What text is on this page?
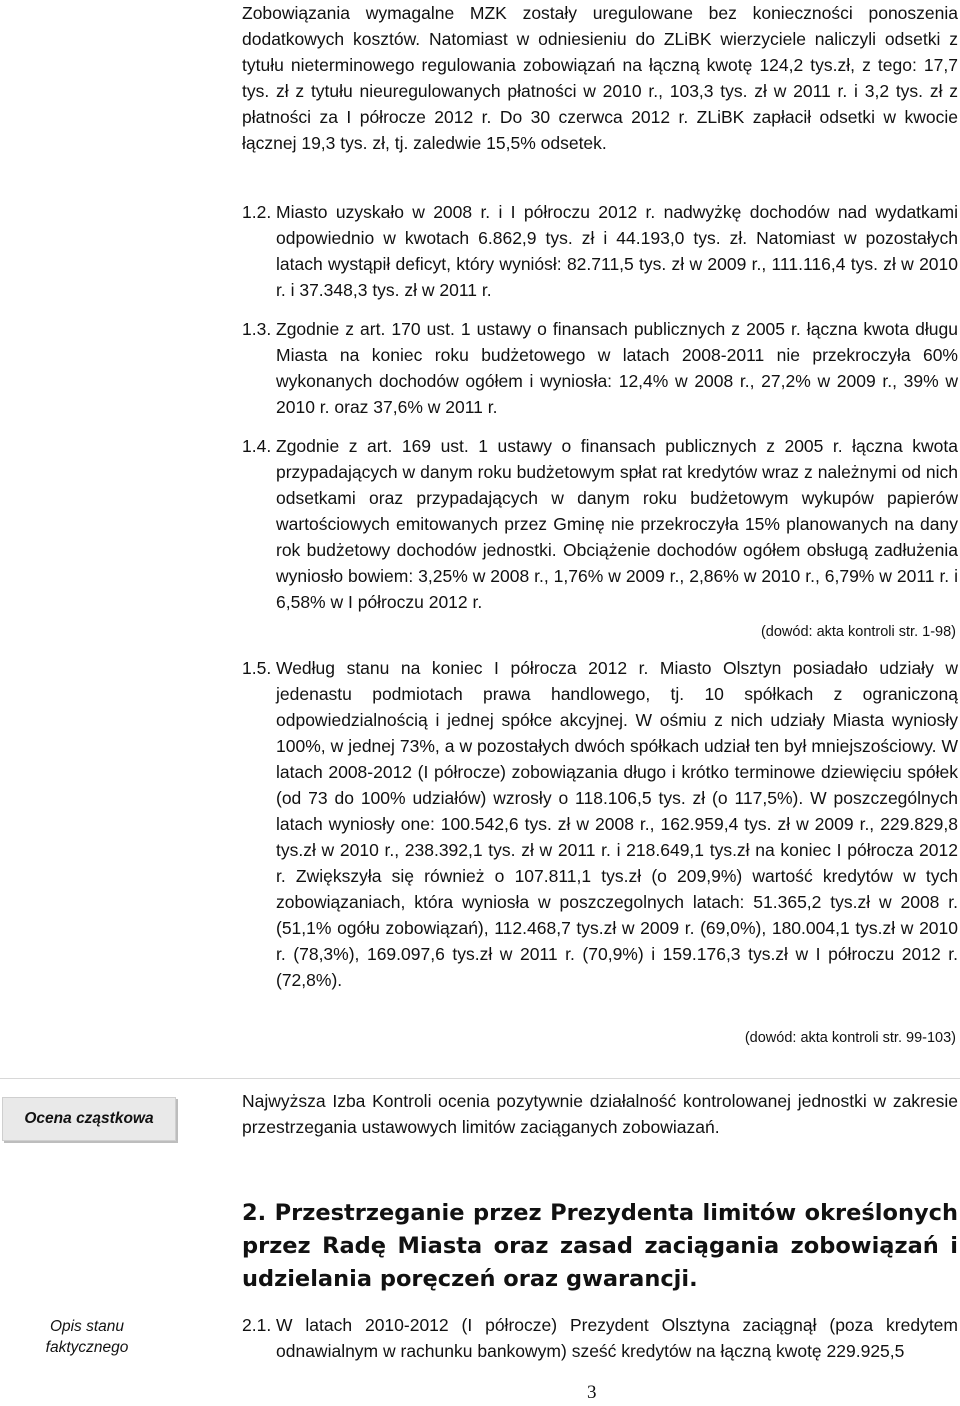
Zobowiązania wymagalne MZK zostały uregulowane bez konieczności ponoszenia dodatkowych kosztów. Natomiast w odniesieniu do ZLiBK wierzyciele naliczyli odsetki z tytułu nieterminowego regulowania zobowiązań na łączną kwotę 124,2 tys.zł, z tego: 17,7 tys. zł z tytułu nieuregulowanych płatności w 2010 r., 103,3 tys. zł w 2011 r. i 3,2 tys. zł z płatności za I półrocze 2012 r. Do 30 czerwca 2012 r. ZLiBK zapłacił odsetki w kwocie łącznej 19,3 tys. zł, tj. zaledwie 15,5% odsetek.

1.2. Miasto uzyskało w 2008 r. i I półroczu 2012 r. nadwyżkę dochodów nad wydatkami odpowiednio w kwotach 6.862,9 tys. zł i 44.193,0 tys. zł. Natomiast w pozostałych latach wystąpił deficyt, który wyniósł: 82.711,5 tys. zł w 2009 r., 111.116,4 tys. zł w 2010 r. i 37.348,3 tys. zł w 2011 r.
1.3. Zgodnie z art. 170 ust. 1 ustawy o finansach publicznych z 2005 r. łączna kwota długu Miasta na koniec roku budżetowego w latach 2008-2011 nie przekroczyła 60% wykonanych dochodów ogółem i wyniosła: 12,4% w 2008 r., 27,2% w 2009 r., 39% w 2010 r. oraz 37,6% w 2011 r.
1.4. Zgodnie z art. 169 ust. 1 ustawy o finansach publicznych z 2005 r. łączna kwota przypadających w danym roku budżetowym spłat rat kredytów wraz z należnymi od nich odsetkami oraz przypadających w danym roku budżetowym wykupów papierów wartościowych emitowanych przez Gminę nie przekroczyła 15% planowanych na dany rok budżetowy dochodów jednostki. Obciążenie dochodów ogółem obsługą zadłużenia wyniosło bowiem: 3,25% w 2008 r., 1,76% w 2009 r., 2,86% w 2010 r., 6,79% w 2011 r. i 6,58% w I półroczu 2012 r.
(dowód: akta kontroli str. 1-98)
1.5. Według stanu na koniec I półrocza 2012 r. Miasto Olsztyn posiadało udziały w jedenastu podmiotach prawa handlowego, tj. 10 spółkach z ograniczoną odpowiedzialnością i jednej spółce akcyjnej. W ośmiu z nich udziały Miasta wyniosły 100%, w jednej 73%, a w pozostałych dwóch spółkach udział ten był mniejszościowy. W latach 2008-2012 (I półrocze) zobowiązania długo i krótko terminowe dziewięciu spółek (od 73 do 100% udziałów) wzrosły o 118.106,5 tys. zł (o 117,5%). W poszczególnych latach wyniosły one: 100.542,6 tys. zł w 2008 r., 162.959,4 tys. zł w 2009 r., 229.829,8 tys.zł w 2010 r., 238.392,1 tys. zł w 2011 r. i 218.649,1 tys.zł na koniec I półrocza 2012 r. Zwiększyła się również o 107.811,1 tys.zł (o 209,9%) wartość kredytów w tych zobowiązaniach, która wyniosła w poszczegolnych latach: 51.365,2 tys.zł w 2008 r. (51,1% ogółu zobowiązań), 112.468,7 tys.zł w 2009 r. (69,0%), 180.004,1 tys.zł w 2010 r. (78,3%), 169.097,6 tys.zł w 2011 r. (70,9%) i 159.176,3 tys.zł w I półroczu 2012 r. (72,8%).
(dowód: akta kontroli str. 99-103)
Ocena cząstkowa

Najwyższa Izba Kontroli ocenia pozytywnie działalność kontrolowanej jednostki w zakresie przestrzegania ustawowych limitów zaciąganych zobowiazań.

2. Przestrzeganie przez Prezydenta limitów określonych przez Radę Miasta oraz zasad zaciągania zobowiązań i udzielania poręczeń oraz gwarancji.
Opis stanu
faktycznego
2.1. W latach 2010-2012 (I półrocze) Prezydent Olsztyna zaciągnął (poza kredytem odnawialnym w rachunku bankowym) sześć kredytów na łączną kwotę 229.925,5
3
